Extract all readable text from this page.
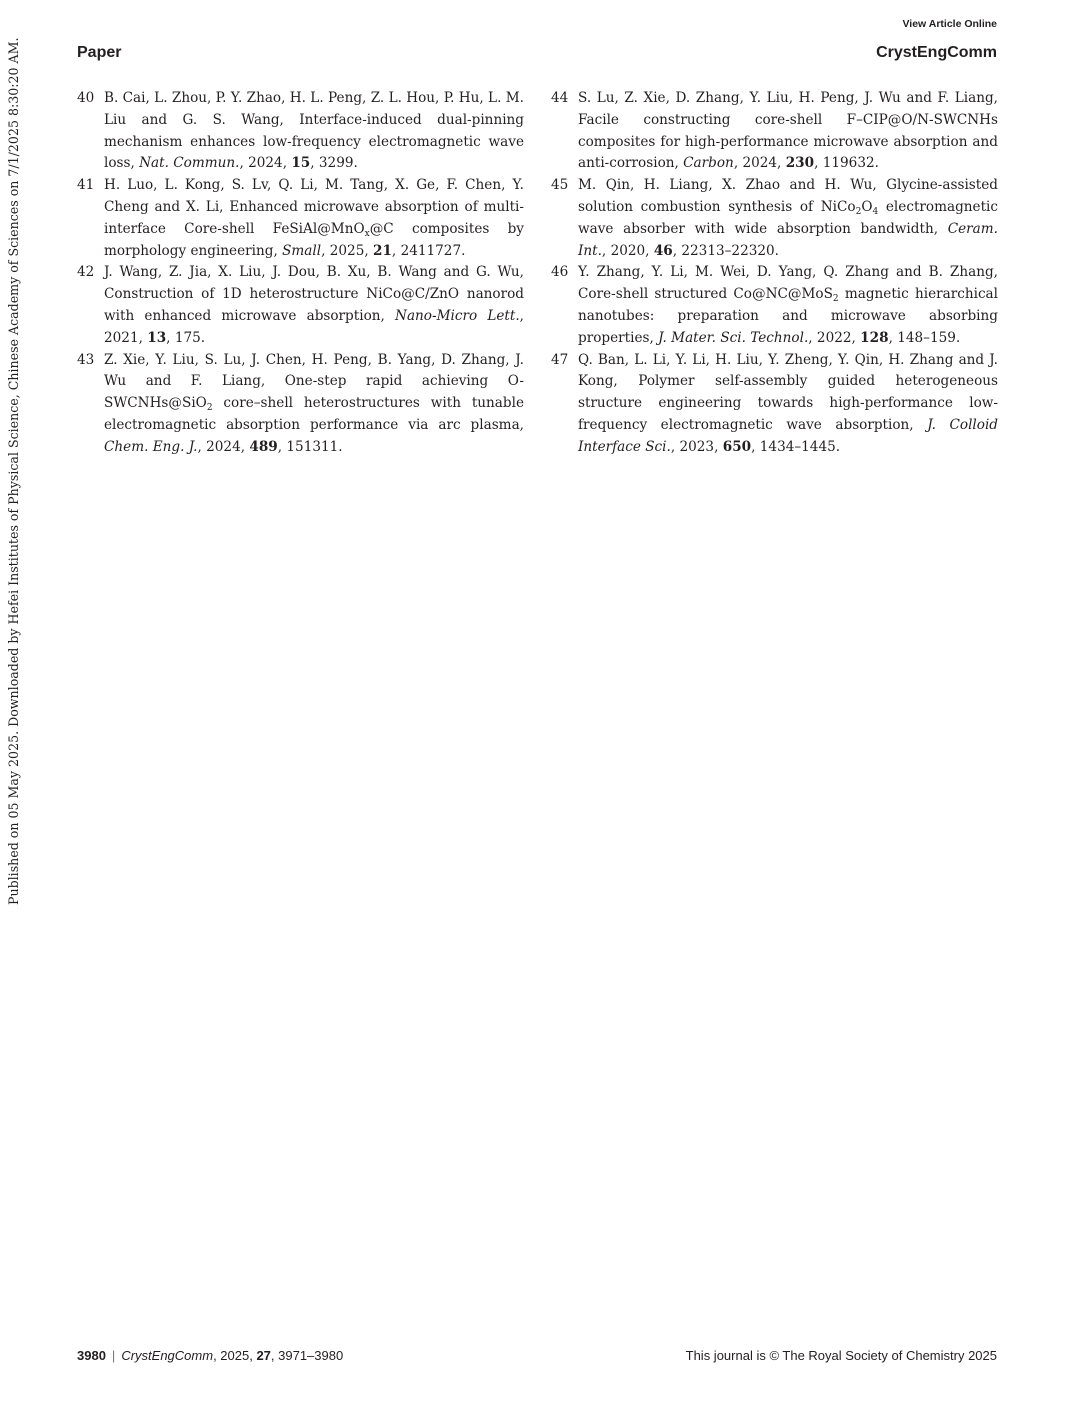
View Article Online
Paper	CrystEngComm
Published on 05 May 2025. Downloaded by Hefei Institutes of Physical Science, Chinese Academy of Sciences on 7/1/2025 8:30:20 AM.	40 B. Cai, L. Zhou, P. Y. Zhao, H. L. Peng, Z. L. Hou, P. Hu, L. M. Liu and G. S. Wang, Interface-induced dual-pinning mechanism enhances low-frequency electromagnetic wave loss, Nat. Commun., 2024, 15, 3299.
41 H. Luo, L. Kong, S. Lv, Q. Li, M. Tang, X. Ge, F. Chen, Y. Cheng and X. Li, Enhanced microwave absorption of multi-interface Core-shell FeSiAl@MnO$_x$@C composites by morphology engineering, Small, 2025, 21, 2411727.
42 J. Wang, Z. Jia, X. Liu, J. Dou, B. Xu, B. Wang and G. Wu, Construction of 1D heterostructure NiCo@C/ZnO nanorod with enhanced microwave absorption, Nano-Micro Lett., 2021, 13, 175.
43 Z. Xie, Y. Liu, S. Lu, J. Chen, H. Peng, B. Yang, D. Zhang, J. Wu and F. Liang, One-step rapid achieving O-SWCNHs@SiO$_2$ core–shell heterostructures with tunable electromagnetic absorption performance via arc plasma, Chem. Eng. J., 2024, 489, 151311.
44 S. Lu, Z. Xie, D. Zhang, Y. Liu, H. Peng, J. Wu and F. Liang, Facile constructing core-shell F–CIP@O/N-SWCNHs composites for high-performance microwave absorption and anti-corrosion, Carbon, 2024, 230, 119632.
45 M. Qin, H. Liang, X. Zhao and H. Wu, Glycine-assisted solution combustion synthesis of $NiCo_2O_4$ electromagnetic wave absorber with wide absorption bandwidth, Ceram. Int., 2020, 46, 22313–22320.
46 Y. Zhang, Y. Li, M. Wei, D. Yang, Q. Zhang and B. Zhang, Core-shell structured Co@NC@MoS$_2$ magnetic hierarchical nanotubes: preparation and microwave absorbing properties, J. Mater. Sci. Technol., 2022, 128, 148–159.
47 Q. Ban, L. Li, Y. Li, H. Liu, Y. Zheng, Y. Qin, H. Zhang and J. Kong, Polymer self-assembly guided heterogeneous structure engineering towards high-performance low-frequency electromagnetic wave absorption, J. Colloid Interface Sci., 2023, 650, 1434–1445.
3980 | CrystEngComm, 2025, 27, 3971–3980	This journal is © The Royal Society of Chemistry 2025
